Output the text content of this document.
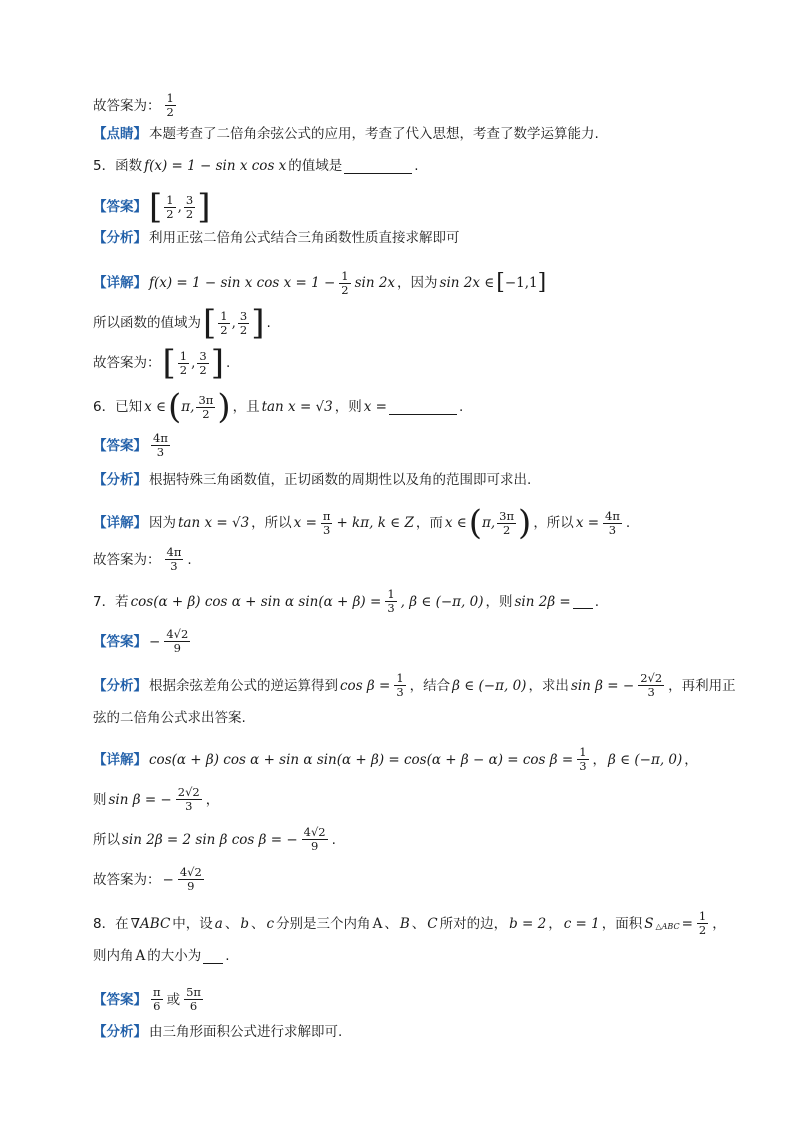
故答案为： $\frac{1}{2}$
【点睛】 本题考查了二倍角余弦公式的应用，考查了代入思想，考查了数学运算能力.
5．函数 f(x) = 1 − sin x cos x 的值域是	.
【答案】 [ $\frac{1}{2}$ , $\frac{3}{2}$ ]
【分析】 利用正弦二倍角公式结合三角函数性质直接求解即可
【详解】 f(x) = 1 − sin x $\cos x = 1 - \frac{1}{2}$ sin 2x ，因为 sin 2x ∈ [ −1,1 ]
所以函数的值域为 [ $\frac{1}{2}$ , $\frac{3}{2}$ ] .
故答案为： [ $\frac{1}{2}$ , $\frac{3}{2}$ ] .
6．已知 x ∈ ( π, $\frac{3\pi}{2}$ ) ，且 tan x = √3 ，则 x =	.
【答案】 $\frac{4\pi}{3}$
【分析】 根据特殊三角函数值，正切函数的周期性以及角的范围即可求出.
【详解】 因为 tan x = √3 ，所以 $x = \frac{\pi}{3} + k\pi$, k ∈ Z ，而 x ∈ ( π, $\frac{3\pi}{2}$ ) ，所以 $x = \frac{4\pi}{3}$ .
故答案为： $\frac{4\pi}{3}$ .
7．若 cos(α + β) cos α + sin α $\sin(\alpha + \beta) = \frac{1}{3}$ , β ∈ (−π, 0) ，则 sin 2β = .
【答案】 − $\frac{4√2}{9}$
【分析】 根据余弦差角公式的逆运算得到 $\cos \beta = \frac{1}{3}$ ，结合 β ∈ (−π, 0) ，求出 sin β = − $\frac{2√2}{3}$ ，再利用正
弦的二倍角公式求出答案.
【详解】 cos(α + β) cos α + sin α $\sin(\alpha + \beta) = \cos(\alpha + \beta - \alpha) = \cos \beta = \frac{1}{3}$ ， β ∈ (−π, 0) ，
则 sin β = − $\frac{2√2}{3}$ ，
所以 sin 2β = 2 sin β cos β = − $\frac{4√2}{9}$ .
故答案为： − $\frac{4√2}{9}$
8．在 ∇ABC 中，设 a 、 b 、 c 分别是三个内角 A 、 B 、 C 所对的边， b = 2 ， c = 1 ，面积 S △ABC = $\frac{1}{2}$ ，
则内角 A 的大小为 .
【答案】 $\frac{\pi}{6}$ 或 $\frac{5\pi}{6}$
【分析】 由三角形面积公式进行求解即可.
